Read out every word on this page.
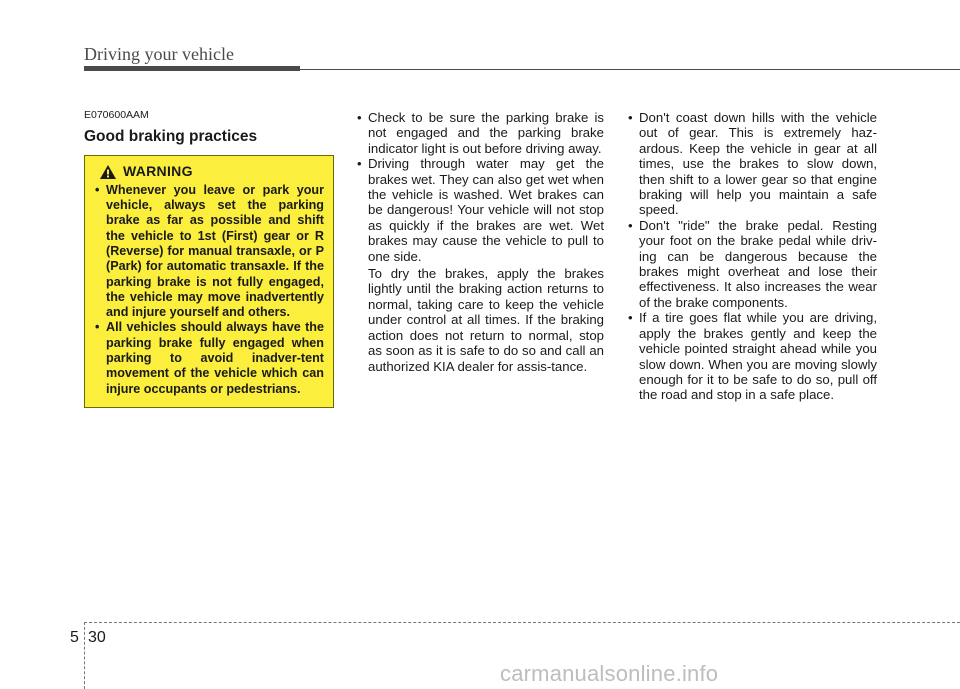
Driving your vehicle
E070600AAM
Good braking practices
WARNING
• Whenever you leave or park your vehicle, always set the parking brake as far as possible and shift the vehicle to 1st (First) gear or R (Reverse) for manual transaxle, or P (Park) for automatic transaxle. If the parking brake is not fully engaged, the vehicle may move inadvertently and injure yourself and others.
• All vehicles should always have the parking brake fully engaged when parking to avoid inadver-tent movement of the vehicle which can injure occupants or pedestrians.
• Check to be sure the parking brake is not engaged and the parking brake indicator light is out before driving away.
• Driving through water may get the brakes wet. They can also get wet when the vehicle is washed. Wet brakes can be dangerous! Your vehicle will not stop as quickly if the brakes are wet. Wet brakes may cause the vehicle to pull to one side.

To dry the brakes, apply the brakes lightly until the braking action returns to normal, taking care to keep the vehicle under control at all times. If the braking action does not return to normal, stop as soon as it is safe to do so and call an authorized KIA dealer for assis-tance.

• Don't coast down hills with the vehicle out of gear. This is extremely haz-ardous. Keep the vehicle in gear at all times, use the brakes to slow down, then shift to a lower gear so that engine braking will help you maintain a safe speed.
• Don't "ride" the brake pedal. Resting your foot on the brake pedal while driv-ing can be dangerous because the brakes might overheat and lose their effectiveness. It also increases the wear of the brake components.
• If a tire goes flat while you are driving, apply the brakes gently and keep the vehicle pointed straight ahead while you slow down. When you are moving slowly enough for it to be safe to do so, pull off the road and stop in a safe place.
5 30
carmanualsonline.info
